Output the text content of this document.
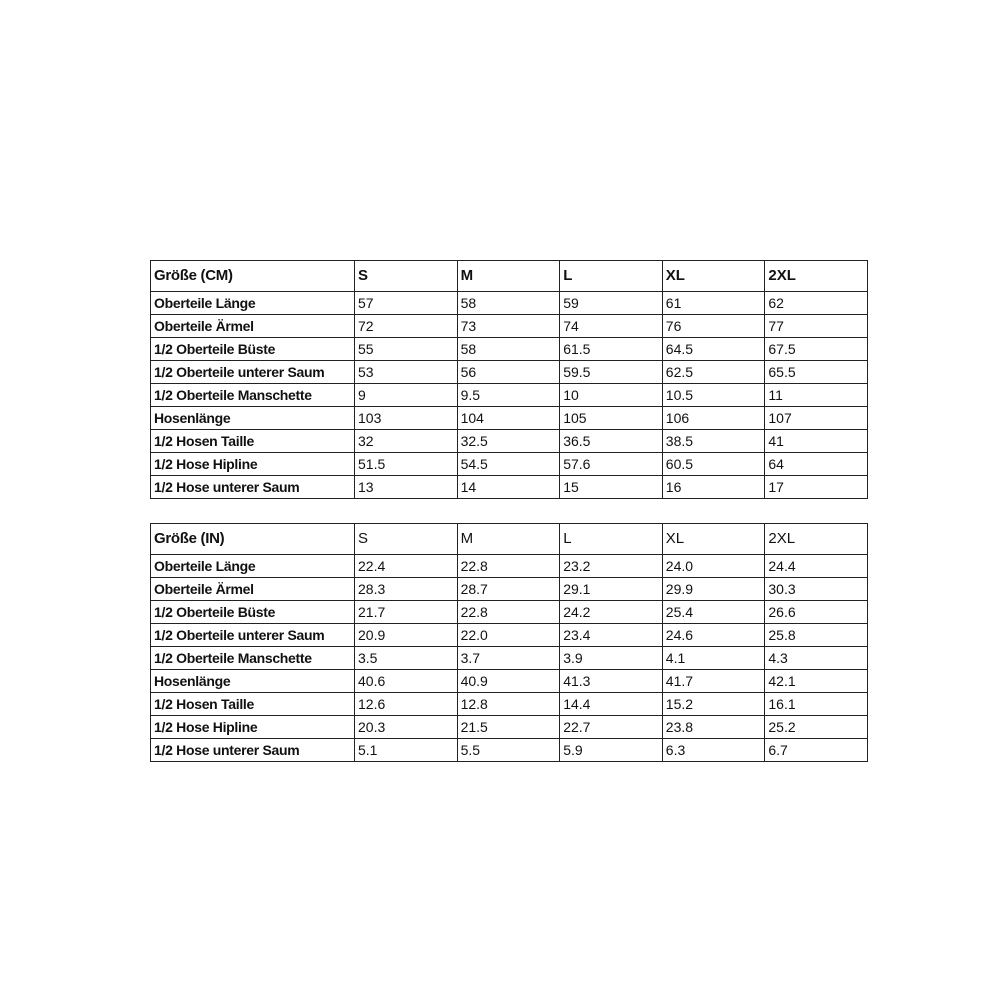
Größe (CM)	S	M	L	XL	2XL
Oberteile Länge	57	58	59	61	62
Oberteile Ärmel	72	73	74	76	77
1/2 Oberteile Büste	55	58	61.5	64.5	67.5
1/2 Oberteile unterer Saum	53	56	59.5	62.5	65.5
1/2 Oberteile Manschette	9	9.5	10	10.5	11
Hosenlänge	103	104	105	106	107
1/2 Hosen Taille	32	32.5	36.5	38.5	41
1/2 Hose Hipline	51.5	54.5	57.6	60.5	64
1/2 Hose unterer Saum	13	14	15	16	17
Größe (IN)	S	M	L	XL	2XL
Oberteile Länge	22.4	22.8	23.2	24.0	24.4
Oberteile Ärmel	28.3	28.7	29.1	29.9	30.3
1/2 Oberteile Büste	21.7	22.8	24.2	25.4	26.6
1/2 Oberteile unterer Saum	20.9	22.0	23.4	24.6	25.8
1/2 Oberteile Manschette	3.5	3.7	3.9	4.1	4.3
Hosenlänge	40.6	40.9	41.3	41.7	42.1
1/2 Hosen Taille	12.6	12.8	14.4	15.2	16.1
1/2 Hose Hipline	20.3	21.5	22.7	23.8	25.2
1/2 Hose unterer Saum	5.1	5.5	5.9	6.3	6.7
